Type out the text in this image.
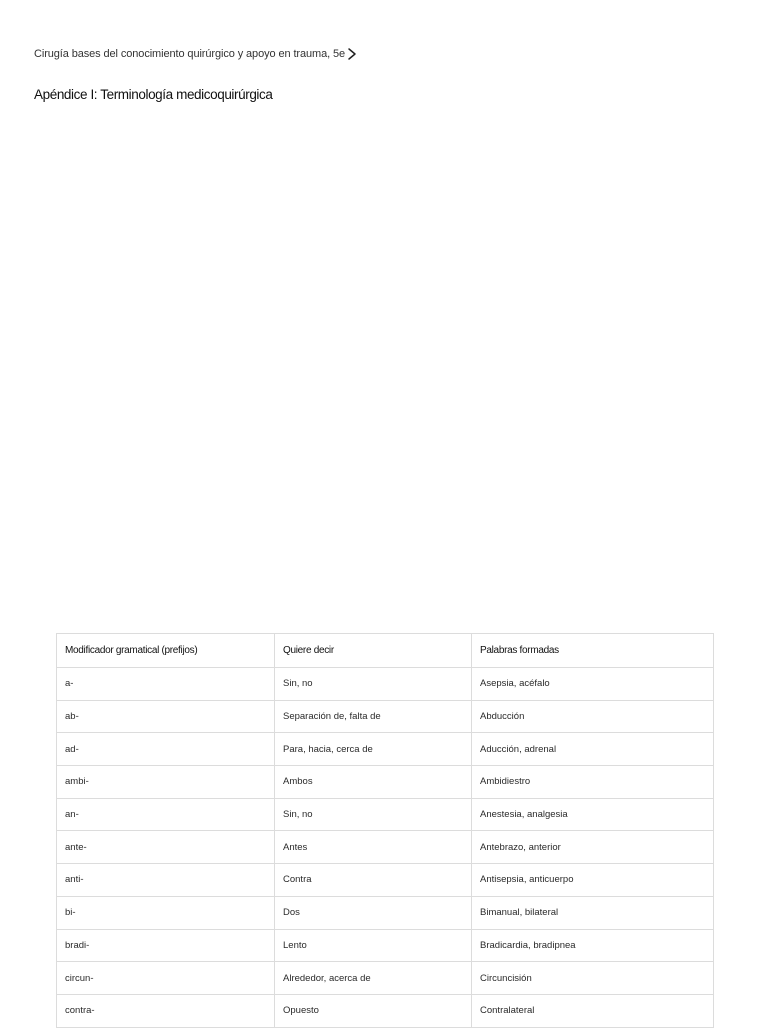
Cirugía bases del conocimiento quirúrgico y apoyo en trauma, 5e
Apéndice I: Terminología medicoquirúrgica
Modificador gramatical (prefijos)	Quiere decir	Palabras formadas
a-	Sin, no	Asepsia, acéfalo
ab-	Separación de, falta de	Abducción
ad-	Para, hacia, cerca de	Aducción, adrenal
ambi-	Ambos	Ambidiestro
an-	Sin, no	Anestesia, analgesia
ante-	Antes	Antebrazo, anterior
anti-	Contra	Antisepsia, anticuerpo
bi-	Dos	Bimanual, bilateral
bradi-	Lento	Bradicardia, bradipnea
circun-	Alrededor, acerca de	Circuncisión
contra-	Opuesto	Contralateral
